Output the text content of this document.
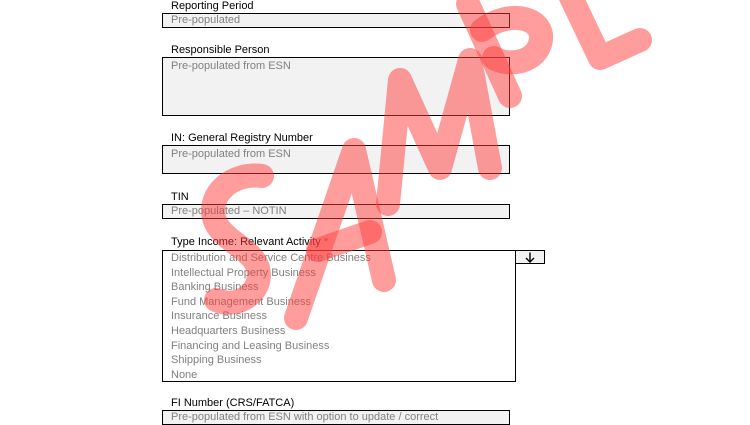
Reporting Period
Pre-populated
Responsible Person
Pre-populated from ESN
IN: General Registry Number
Pre-populated from ESN
TIN
Pre-populated – NOTIN
Type Income: Relevant Activity *
Distribution and Service Centre Business
Intellectual Property Business
Banking Business
Fund Management Business
Insurance Business
Headquarters Business
Financing and Leasing Business
Shipping Business
None
FI Number (CRS/FATCA)
Pre-populated from ESN with option to update / correct
